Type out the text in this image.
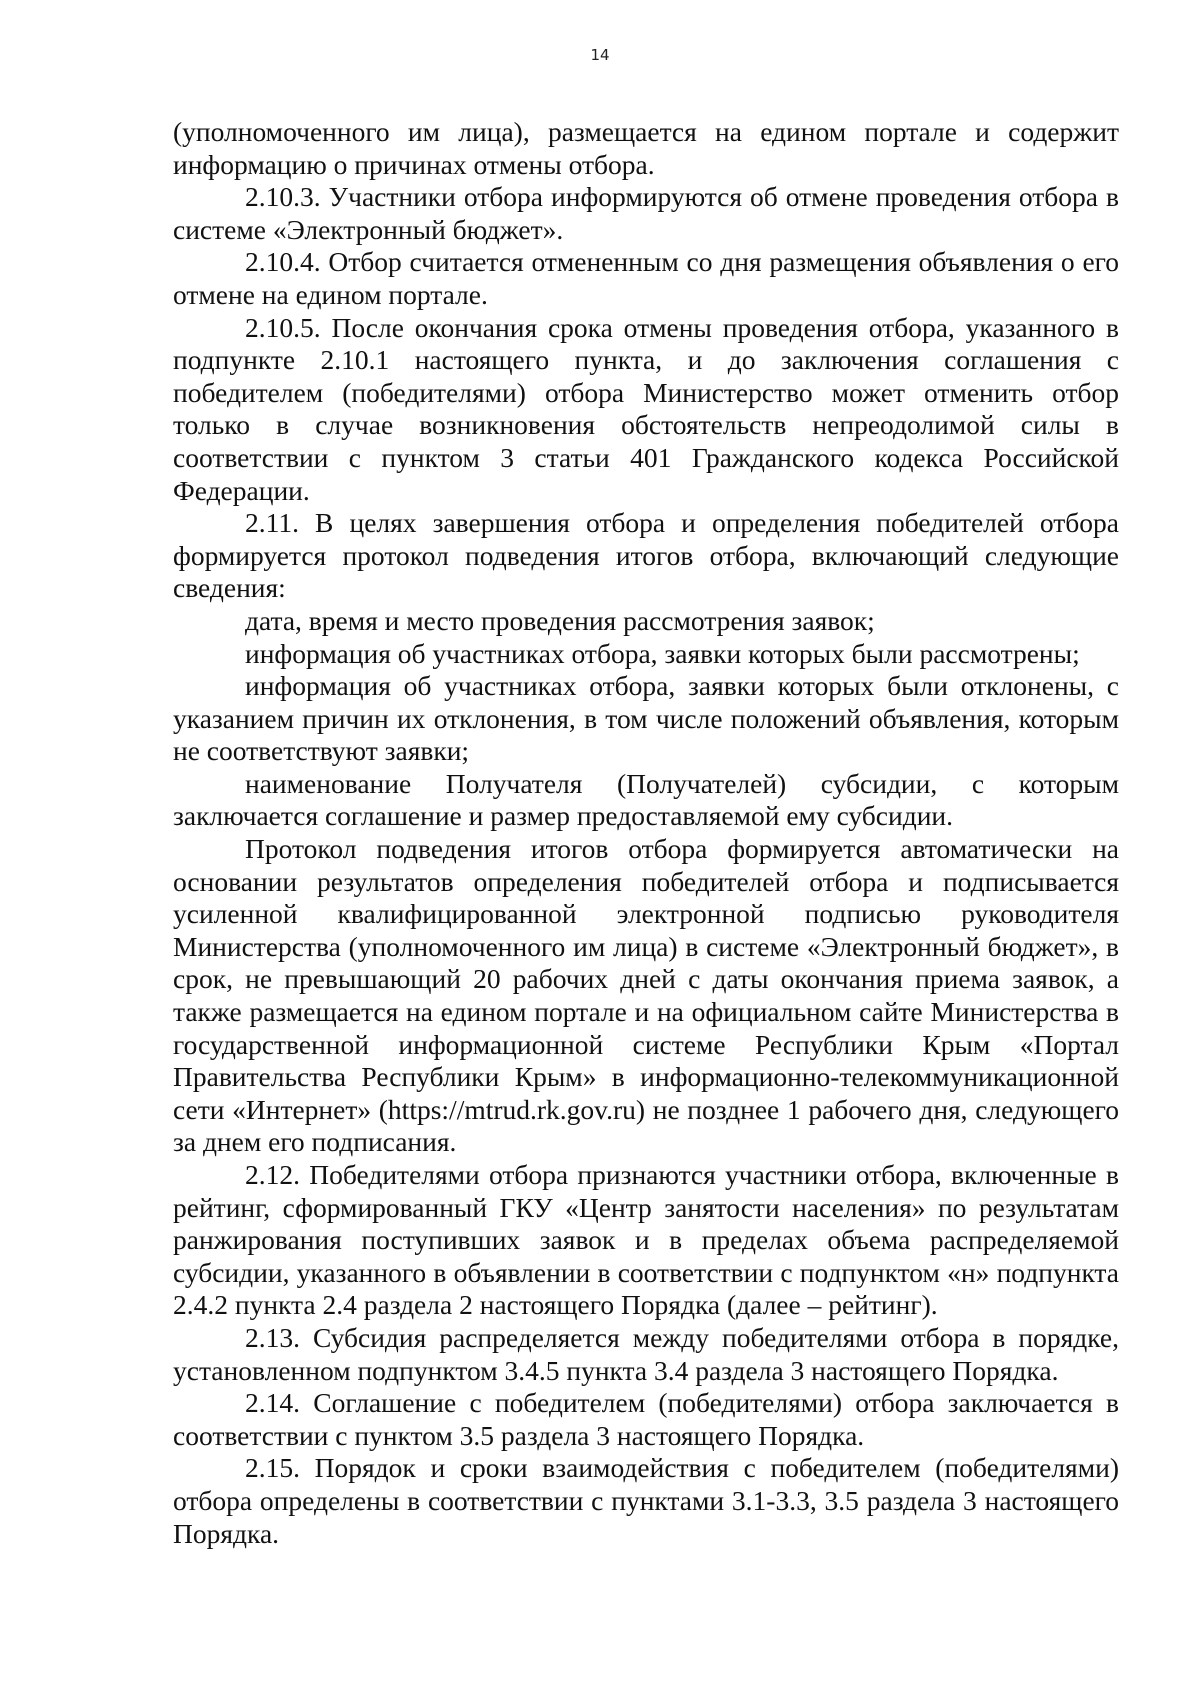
14

(уполномоченного им лица), размещается на едином портале и содержит информацию о причинах отмены отбора.

2.10.3. Участники отбора информируются об отмене проведения отбора в системе «Электронный бюджет».

2.10.4. Отбор считается отмененным со дня размещения объявления о его отмене на едином портале.

2.10.5. После окончания срока отмены проведения отбора, указанного в подпункте 2.10.1 настоящего пункта, и до заключения соглашения с победителем (победителями) отбора Министерство может отменить отбор только в случае возникновения обстоятельств непреодолимой силы в соответствии с пунктом 3 статьи 401 Гражданского кодекса Российской Федерации.

2.11. В целях завершения отбора и определения победителей отбора формируется протокол подведения итогов отбора, включающий следующие сведения:

дата, время и место проведения рассмотрения заявок;

информация об участниках отбора, заявки которых были рассмотрены;

информация об участниках отбора, заявки которых были отклонены, с указанием причин их отклонения, в том числе положений объявления, которым не соответствуют заявки;

наименование Получателя (Получателей) субсидии, с которым заключается соглашение и размер предоставляемой ему субсидии.

Протокол подведения итогов отбора формируется автоматически на основании результатов определения победителей отбора и подписывается усиленной квалифицированной электронной подписью руководителя Министерства (уполномоченного им лица) в системе «Электронный бюджет», в срок, не превышающий 20 рабочих дней с даты окончания приема заявок, а также размещается на едином портале и на официальном сайте Министерства в государственной информационной системе Республики Крым «Портал Правительства Республики Крым» в информационно-телекоммуникационной сети «Интернет» (https://mtrud.rk.gov.ru) не позднее 1 рабочего дня, следующего за днем его подписания.

2.12. Победителями отбора признаются участники отбора, включенные в рейтинг, сформированный ГКУ «Центр занятости населения» по результатам ранжирования поступивших заявок и в пределах объема распределяемой субсидии, указанного в объявлении в соответствии с подпунктом «н» подпункта 2.4.2 пункта 2.4 раздела 2 настоящего Порядка (далее – рейтинг).

2.13. Субсидия распределяется между победителями отбора в порядке, установленном подпунктом 3.4.5 пункта 3.4 раздела 3 настоящего Порядка.

2.14. Соглашение с победителем (победителями) отбора заключается в соответствии с пунктом 3.5 раздела 3 настоящего Порядка.

2.15. Порядок и сроки взаимодействия с победителем (победителями) отбора определены в соответствии с пунктами 3.1-3.3, 3.5 раздела 3 настоящего Порядка.
